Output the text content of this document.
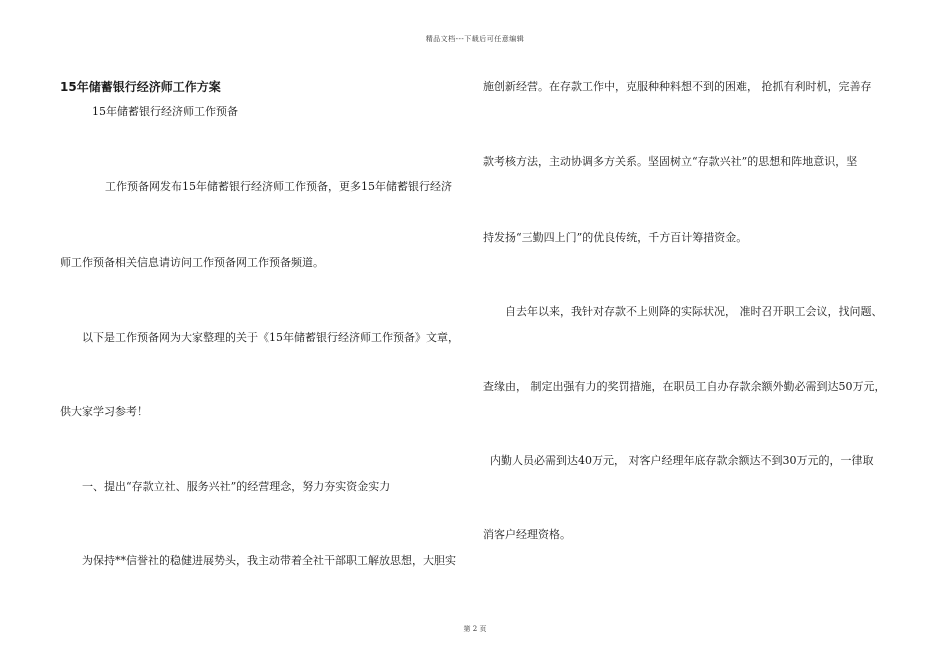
精品文档---下载后可任意编辑
15年储蓄银行经济师工作方案
15年储蓄银行经济师工作预备
工作预备网发布15年储蓄银行经济师工作预备，更多15年储蓄银行经济
师工作预备相关信息请访问工作预备网工作预备频道。
以下是工作预备网为大家整理的关于《15年储蓄银行经济师工作预备》文章，
供大家学习参考！
一、提出“存款立社、服务兴社”的经营理念，努力夯实资金实力
为保持**信誉社的稳健进展势头，我主动带着全社干部职工解放思想，大胆实
施创新经营。在存款工作中，克服种种料想不到的困难， 抢抓有利时机，完善存
款考核方法，主动协调多方关系。坚固树立“存款兴社”的思想和阵地意识，坚
持发扬“三勤四上门”的优良传统，千方百计筹措资金。
自去年以来，我针对存款不上则降的实际状况， 准时召开职工会议，找问题、
查缘由， 制定出强有力的奖罚措施，在职员工自办存款余额外勤必需到达50万元，
内勤人员必需到达40万元， 对客户经理年底存款余额达不到30万元的，一律取
消客户经理资格。
第 2 页
